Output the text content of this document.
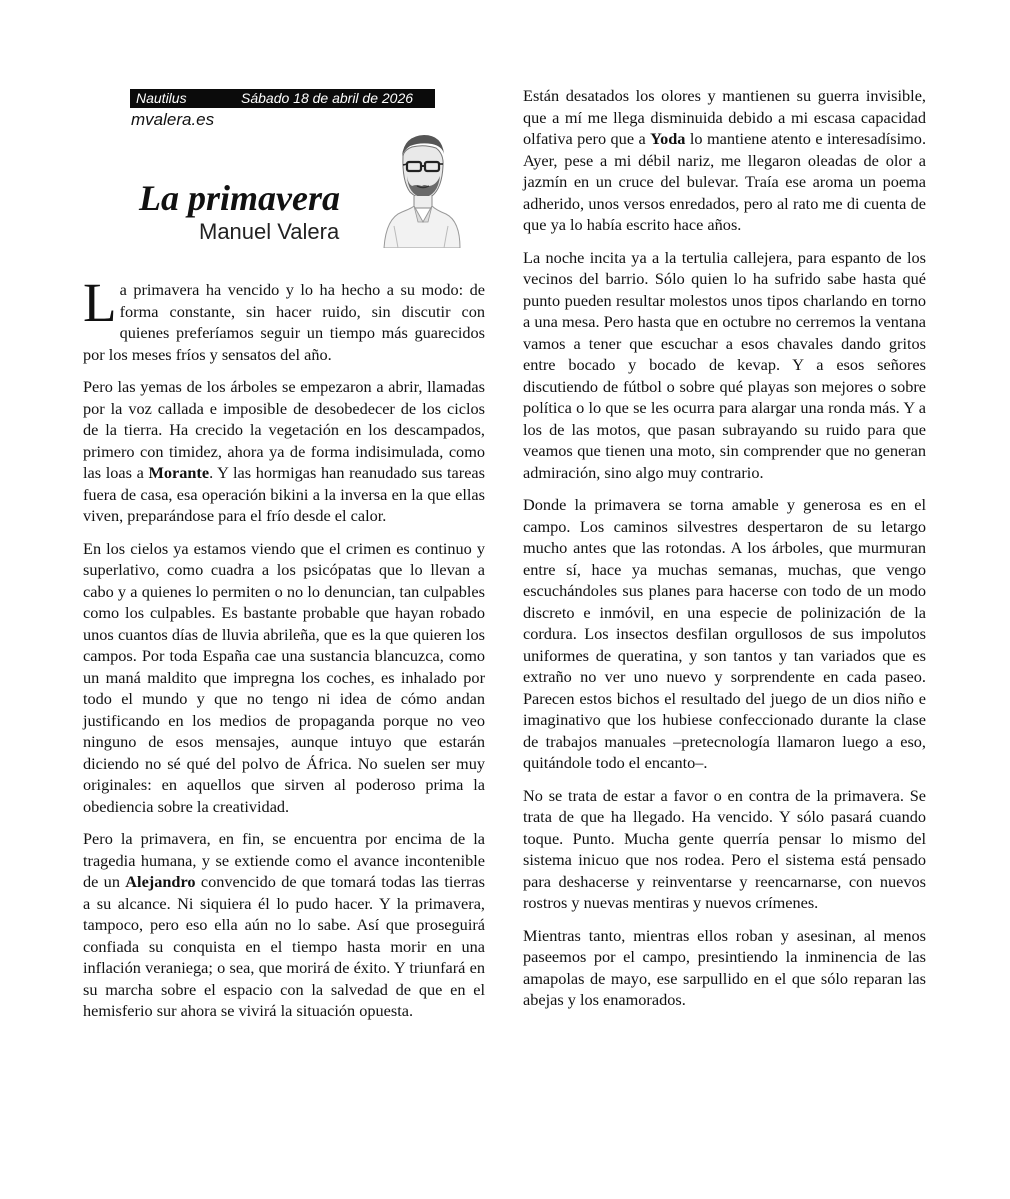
Nautilus	Sábado 18 de abril de 2026
mvalera.es
La primavera
Manuel Valera

La primavera ha vencido y lo ha hecho a su modo: de forma constante, sin hacer ruido, sin discutir con quienes preferíamos seguir un tiempo más guarecidos por los meses fríos y sensatos del año.

Pero las yemas de los árboles se empezaron a abrir, llamadas por la voz callada e imposible de desobedecer de los ciclos de la tierra. Ha crecido la vegetación en los descampados, primero con timidez, ahora ya de forma indisimulada, como las loas a Morante. Y las hormigas han reanudado sus tareas fuera de casa, esa operación bikini a la inversa en la que ellas viven, preparándose para el frío desde el calor.

En los cielos ya estamos viendo que el crimen es continuo y superlativo, como cuadra a los psicópatas que lo llevan a cabo y a quienes lo permiten o no lo denuncian, tan culpables como los culpables. Es bastante probable que hayan robado unos cuantos días de lluvia abrileña, que es la que quieren los campos. Por toda España cae una sustancia blancuzca, como un maná maldito que impregna los coches, es inhalado por todo el mundo y que no tengo ni idea de cómo andan justificando en los medios de propaganda porque no veo ninguno de esos mensajes, aunque intuyo que estarán diciendo no sé qué del polvo de África. No suelen ser muy originales: en aquellos que sirven al poderoso prima la obediencia sobre la creatividad.

Pero la primavera, en fin, se encuentra por encima de la tragedia humana, y se extiende como el avance incontenible de un Alejandro convencido de que tomará todas las tierras a su alcance. Ni siquiera él lo pudo hacer. Y la primavera, tampoco, pero eso ella aún no lo sabe. Así que proseguirá confiada su conquista en el tiempo hasta morir en una inflación veraniega; o sea, que morirá de éxito. Y triunfará en su marcha sobre el espacio con la salvedad de que en el hemisferio sur ahora se vivirá la situación opuesta.

Están desatados los olores y mantienen su guerra invisible, que a mí me llega disminuida debido a mi escasa capacidad olfativa pero que a Yoda lo mantiene atento e interesadísimo. Ayer, pese a mi débil nariz, me llegaron oleadas de olor a jazmín en un cruce del bulevar. Traía ese aroma un poema adherido, unos versos enredados, pero al rato me di cuenta de que ya lo había escrito hace años.

La noche incita ya a la tertulia callejera, para espanto de los vecinos del barrio. Sólo quien lo ha sufrido sabe hasta qué punto pueden resultar molestos unos tipos charlando en torno a una mesa. Pero hasta que en octubre no cerremos la ventana vamos a tener que escuchar a esos chavales dando gritos entre bocado y bocado de kevap. Y a esos señores discutiendo de fútbol o sobre qué playas son mejores o sobre política o lo que se les ocurra para alargar una ronda más. Y a los de las motos, que pasan subrayando su ruido para que veamos que tienen una moto, sin comprender que no generan admiración, sino algo muy contrario.

Donde la primavera se torna amable y generosa es en el campo. Los caminos silvestres despertaron de su letargo mucho antes que las rotondas. A los árboles, que murmuran entre sí, hace ya muchas semanas, muchas, que vengo escuchándoles sus planes para hacerse con todo de un modo discreto e inmóvil, en una especie de polinización de la cordura. Los insectos desfilan orgullosos de sus impolutos uniformes de queratina, y son tantos y tan variados que es extraño no ver uno nuevo y sorprendente en cada paseo. Parecen estos bichos el resultado del juego de un dios niño e imaginativo que los hubiese confeccionado durante la clase de trabajos manuales –pretecnología llamaron luego a eso, quitándole todo el encanto–.

No se trata de estar a favor o en contra de la primavera. Se trata de que ha llegado. Ha vencido. Y sólo pasará cuando toque. Punto. Mucha gente querría pensar lo mismo del sistema inicuo que nos rodea. Pero el sistema está pensado para deshacerse y reinventarse y reencarnarse, con nuevos rostros y nuevas mentiras y nuevos crímenes.

Mientras tanto, mientras ellos roban y asesinan, al menos paseemos por el campo, presintiendo la inminencia de las amapolas de mayo, ese sarpullido en el que sólo reparan las abejas y los enamorados.
